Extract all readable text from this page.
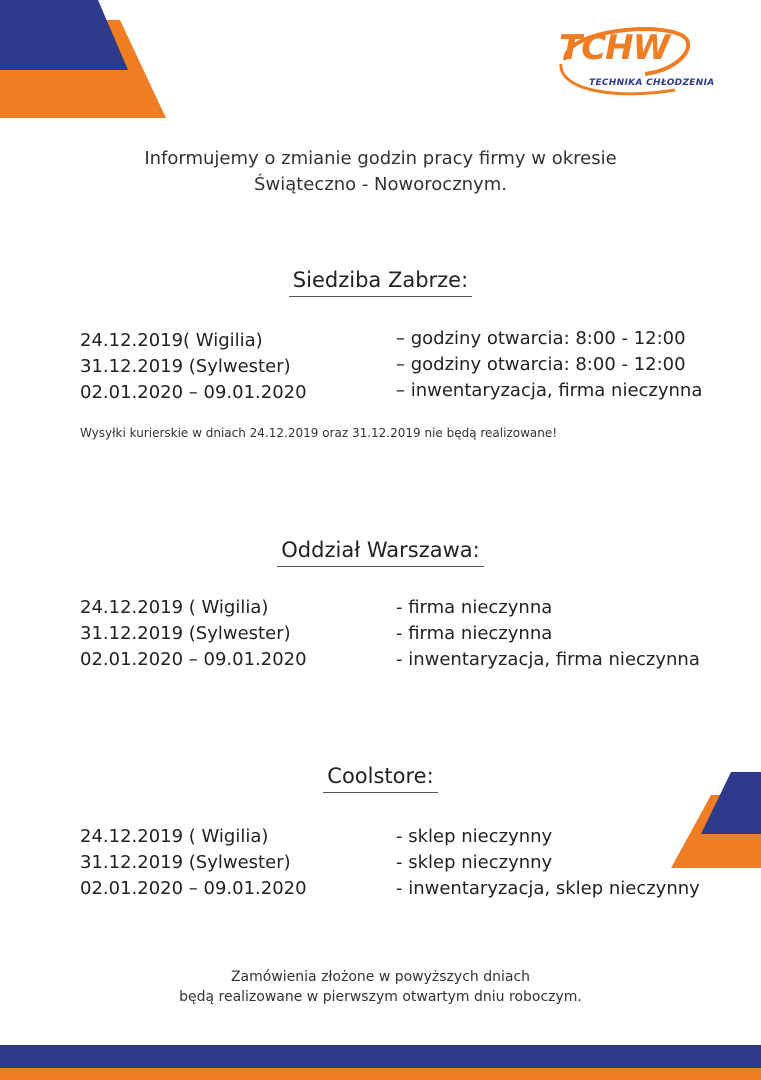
TCHW
TECHNIKA CHŁODZENIA
Informujemy o zmianie godzin pracy firmy w okresie
Świąteczno - Noworocznym.
Siedziba Zabrze:
24.12.2019( Wigilia)
31.12.2019 (Sylwester)
02.01.2020 – 09.01.2020
– godziny otwarcia: 8:00 - 12:00
– godziny otwarcia: 8:00 - 12:00
– inwentaryzacja, firma nieczynna
Wysyłki kurierskie w dniach 24.12.2019 oraz 31.12.2019 nie będą realizowane!
Oddział Warszawa:
24.12.2019 ( Wigilia)
31.12.2019 (Sylwester)
02.01.2020 – 09.01.2020
- firma nieczynna
- firma nieczynna
- inwentaryzacja, firma nieczynna
Coolstore:
24.12.2019 ( Wigilia)
31.12.2019 (Sylwester)
02.01.2020 – 09.01.2020
- sklep nieczynny
- sklep nieczynny
- inwentaryzacja, sklep nieczynny
Zamówienia złożone w powyższych dniach
będą realizowane w pierwszym otwartym dniu roboczym.
